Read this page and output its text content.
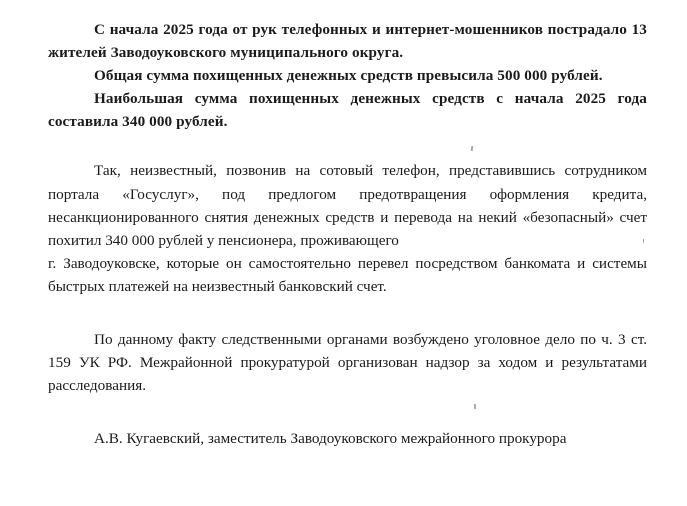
С начала 2025 года от рук телефонных и интернет-мошенников пострадало 13 жителей Заводоуковского муниципального округа.

Общая сумма похищенных денежных средств превысила 500 000 рублей.

Наибольшая сумма похищенных денежных средств с начала 2025 года составила 340 000 рублей.

Так, неизвестный, позвонив на сотовый телефон, представившись сотрудником портала «Госуслуг», под предлогом предотвращения оформления кредита, несанкционированного снятия денежных средств и перевода на некий «безопасный» счет похитил 340 000 рублей у пенсионера, проживающего

г. Заводоуковске, которые он самостоятельно перевел посредством банкомата и системы быстрых платежей на неизвестный банковский счет.

По данному факту следственными органами возбуждено уголовное дело по ч. 3 ст. 159 УК РФ. Межрайонной прокуратурой организован надзор за ходом и результатами расследования.

А.В. Кугаевский, заместитель Заводоуковского межрайонного прокурора
